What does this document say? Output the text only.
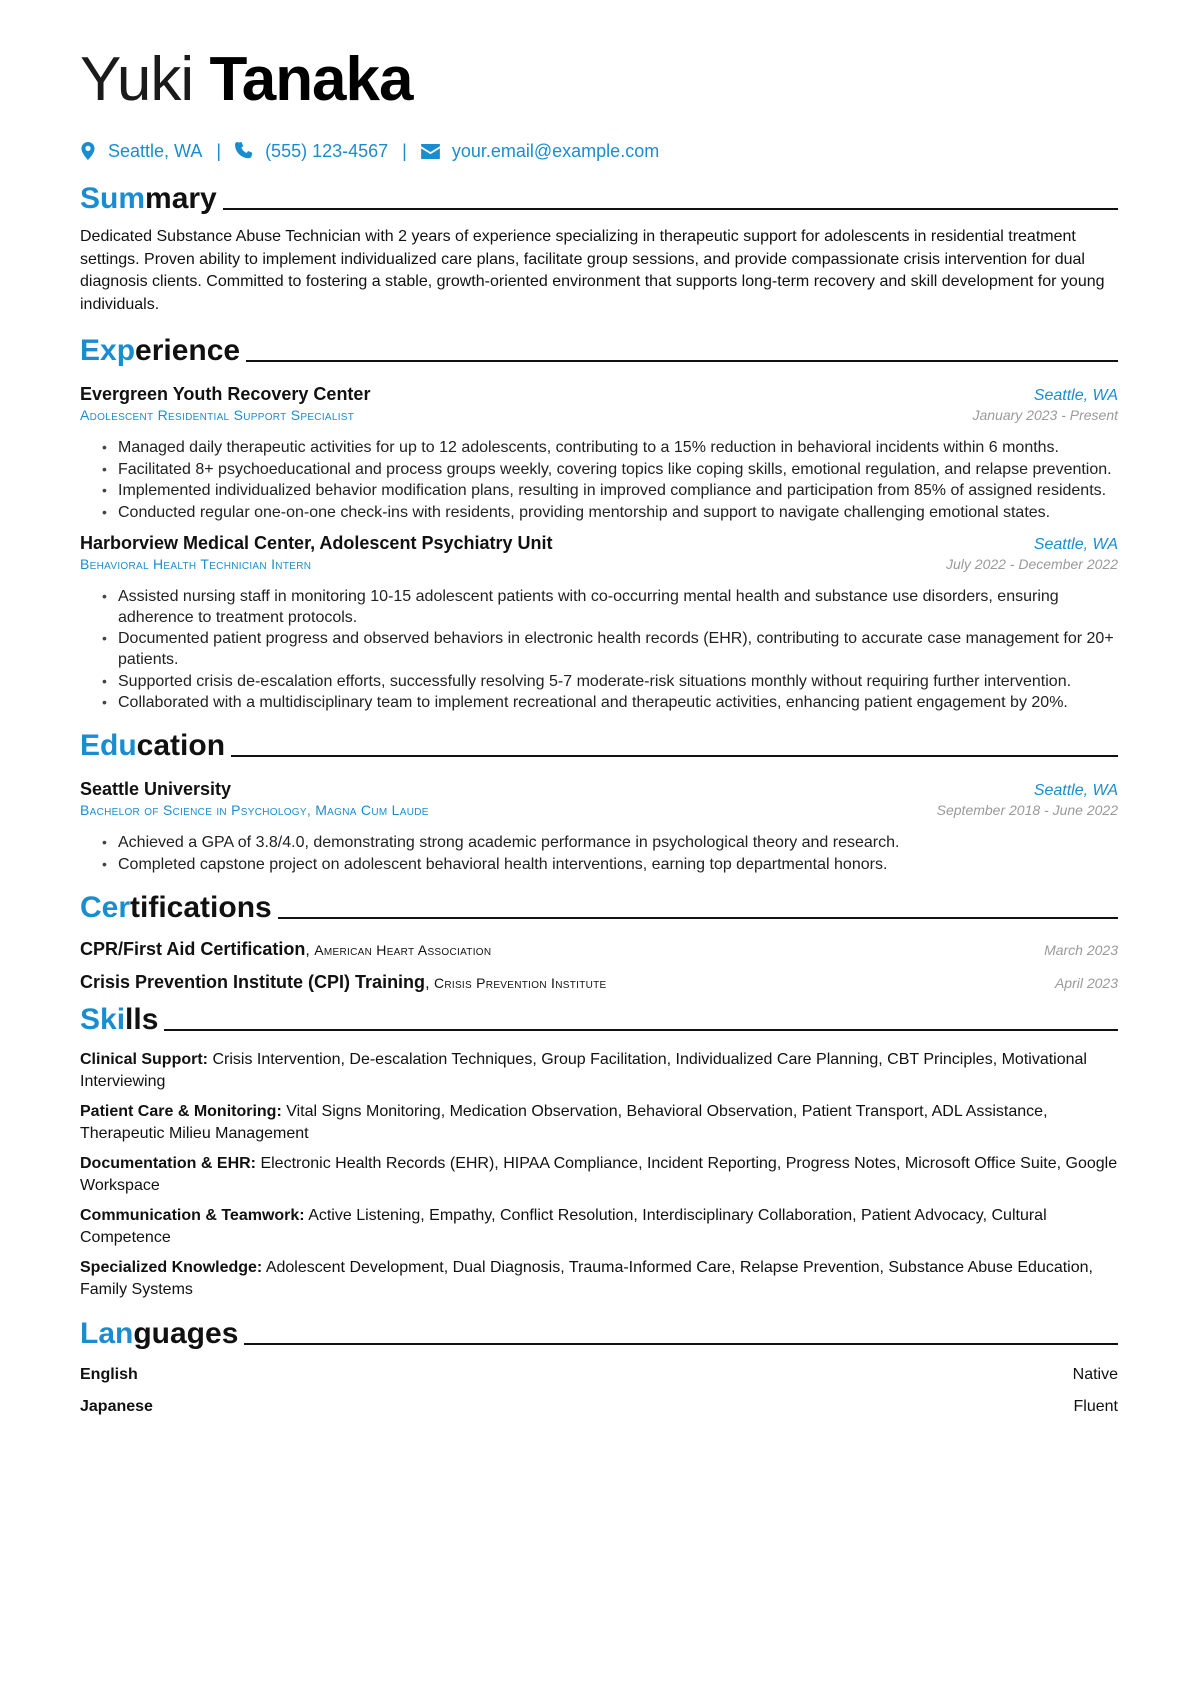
Yuki Tanaka
Seattle, WA | (555) 123-4567 |	your.email@example.com
Summary

Dedicated Substance Abuse Technician with 2 years of experience specializing in therapeutic support for adolescents in residential treatment settings. Proven ability to implement individualized care plans, facilitate group sessions, and provide compassionate crisis intervention for dual diagnosis clients. Committed to fostering a stable, growth-oriented environment that supports long-term recovery and skill development for young individuals.

Experience
Evergreen Youth Recovery Center	Seattle, WA
Adolescent Residential Support Specialist	January 2023 - Present
• Managed daily therapeutic activities for up to 12 adolescents, contributing to a 15% reduction in behavioral incidents within 6 months.
• Facilitated 8+ psychoeducational and process groups weekly, covering topics like coping skills, emotional regulation, and relapse prevention.
• Implemented individualized behavior modification plans, resulting in improved compliance and participation from 85% of assigned residents.
• Conducted regular one-on-one check-ins with residents, providing mentorship and support to navigate challenging emotional states.
Harborview Medical Center, Adolescent Psychiatry Unit	Seattle, WA
Behavioral Health Technician Intern	July 2022 - December 2022
• Assisted nursing staff in monitoring 10-15 adolescent patients with co-occurring mental health and substance use disorders, ensuring adherence to treatment protocols.
• Documented patient progress and observed behaviors in electronic health records (EHR), contributing to accurate case management for 20+ patients.
• Supported crisis de-escalation efforts, successfully resolving 5-7 moderate-risk situations monthly without requiring further intervention.
• Collaborated with a multidisciplinary team to implement recreational and therapeutic activities, enhancing patient engagement by 20%.
Education
Seattle University	Seattle, WA
Bachelor of Science in Psychology, Magna Cum Laude	September 2018 - June 2022
• Achieved a GPA of 3.8/4.0, demonstrating strong academic performance in psychological theory and research.
• Completed capstone project on adolescent behavioral health interventions, earning top departmental honors.
Certifications
CPR/First Aid Certification, American Heart Association	March 2023
Crisis Prevention Institute (CPI) Training, Crisis Prevention Institute	April 2023
Skills
Clinical Support: Crisis Intervention, De-escalation Techniques, Group Facilitation, Individualized Care Planning, CBT Principles, Motivational Interviewing
Patient Care & Monitoring: Vital Signs Monitoring, Medication Observation, Behavioral Observation, Patient Transport, ADL Assistance, Therapeutic Milieu Management
Documentation & EHR: Electronic Health Records (EHR), HIPAA Compliance, Incident Reporting, Progress Notes, Microsoft Office Suite, Google Workspace
Communication & Teamwork: Active Listening, Empathy, Conflict Resolution, Interdisciplinary Collaboration, Patient Advocacy, Cultural Competence
Specialized Knowledge: Adolescent Development, Dual Diagnosis, Trauma-Informed Care, Relapse Prevention, Substance Abuse Education, Family Systems
Languages
English	Native
Japanese	Fluent
